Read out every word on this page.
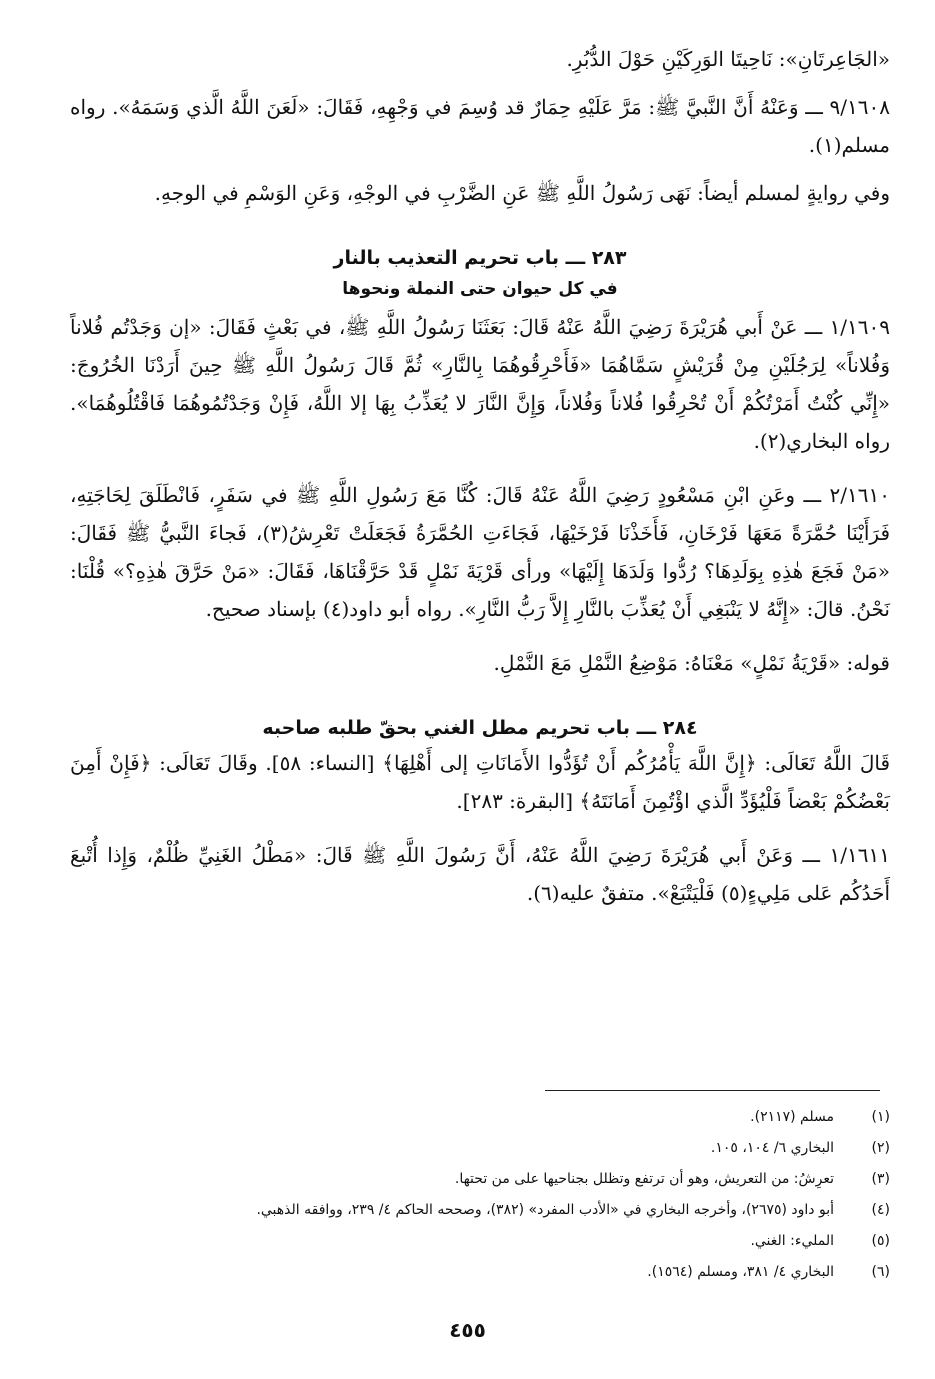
«الجَاعِرتَانِ»: نَاحِيتَا الوَرِكَيْنِ حَوْلَ الدُّبُرِ.

٩/١٦٠٨ ـــ وَعَنْهُ أَنَّ النَّبيَّ ﷺ: مَرَّ عَلَيْهِ حِمَارٌ قد وُسِمَ في وَجْهِهِ، فَقَالَ: «لَعَنَ اللَّهُ الَّذي وَسَمَهُ». رواه مسلم(١).

وفي روايةٍ لمسلم أيضاً: نَهَى رَسُولُ اللَّهِ ﷺ عَنِ الضَّرْبِ في الوجْهِ، وَعَنِ الوَسْمِ في الوجهِ.

٢٨٣ ـــ باب تحريم التعذيب بالنار
في كل حيوان حتى النملة ونحوها

١/١٦٠٩ ـــ عَنْ أَبي هُرَيْرَةَ رَضِيَ اللَّهُ عَنْهُ قَالَ: بَعَثَنَا رَسُولُ اللَّهِ ﷺ، في بَعْثٍ فَقَالَ: «إن وَجَدْتُم فُلاناً وَفُلاناً» لِرَجُلَيْنِ مِنْ قُرَيْشٍ سَمَّاهُمَا «فَأَحْرِقُوهُمَا بِالنَّارِ» ثُمَّ قَالَ رَسُولُ اللَّهِ ﷺ حِينَ أَرَدْنَا الخُرُوجَ: «إِنِّي كُنْتُ أَمَرْتُكُمْ أَنْ تُحْرِقُوا فُلاناً وَفُلاناً، وَإِنَّ النَّارَ لا يُعَذِّبُ بِهَا إلا اللَّهُ، فَإِنْ وَجَدْتُمُوهُمَا فَاقْتُلُوهُمَا». رواه البخاري(٢).

٢/١٦١٠ ـــ وعَنِ ابْنِ مَسْعُودٍ رَضِيَ اللَّهُ عَنْهُ قَالَ: كُنَّا مَعَ رَسُولِ اللَّهِ ﷺ في سَفَرٍ، فَانْطَلَقَ لِحَاجَتِهِ، فَرَأَيْنَا حُمَّرَةً مَعَهَا فَرْخَانِ، فَأَخَذْنَا فَرْخَيْهَا، فَجَاءَتِ الحُمَّرَةُ فَجَعَلَتْ تَعْرِشُ(٣)، فَجاءَ النَّبيُّ ﷺ فَقَالَ: «مَنْ فَجَعَ هٰذِهِ بِوَلَدِهَا؟ رُدُّوا وَلَدَهَا إِلَيْهَا» ورأى قَرْيَةَ نَمْلٍ قَدْ حَرَّقْنَاهَا، فَقَالَ: «مَنْ حَرَّقَ هٰذِهِ؟» قُلْنَا: نَحْنُ. قالَ: «إِنَّهُ لا يَنْبَغِي أَنْ يُعَذِّبَ بالنَّارِ إِلاَّ رَبُّ النَّارِ». رواه أبو داود(٤) بإسناد صحيح.

قوله: «قَرْيَةُ نَمْلٍ» مَعْنَاهُ: مَوْضِعُ النَّمْلِ مَعَ النَّمْلِ.

٢٨٤ ـــ باب تحريم مطل الغني بحقّ طلبه صاحبه

قَالَ اللَّهُ تَعَالَى: ﴿إِنَّ اللَّهَ يَأْمُرُكُم أَنْ تُؤَدُّوا الأَمَانَاتِ إلى أَهْلِهَا﴾ [النساء: ٥٨]. وقَالَ تَعَالَى: ﴿فَإِنْ أَمِنَ بَعْضُكُمْ بَعْضاً فَلْيُؤَدِّ الَّذي اؤْتُمِنَ أَمَانَتَهُ﴾ [البقرة: ٢٨٣].

١/١٦١١ ـــ وَعَنْ أَبي هُرَيْرَةَ رَضِيَ اللَّهُ عَنْهُ، أَنَّ رَسُولَ اللَّهِ ﷺ قَالَ: «مَطْلُ الغَنِيِّ ظُلْمٌ، وَإِذا أُتْبعَ أَحَدُكُم عَلى مَلِيءٍ(٥) فَلْيَتْبَعْ». متفقٌ عليه(٦).

(١)
مسلم (٢١١٧).
(٢)
البخاري ٦/ ١٠٤، ١٠٥.
(٣)
تعرِشُ: من التعريش، وهو أن ترتفع وتظلل بجناحيها على من تحتها.
(٤)
أبو داود (٢٦٧٥)، وأخرجه البخاري في «الأدب المفرد» (٣٨٢)، وصححه الحاكم ٤/ ٢٣٩، ووافقه الذهبي.
(٥)
المليء: الغني.
(٦)
البخاري ٤/ ٣٨١، ومسلم (١٥٦٤).
٤٥٥
